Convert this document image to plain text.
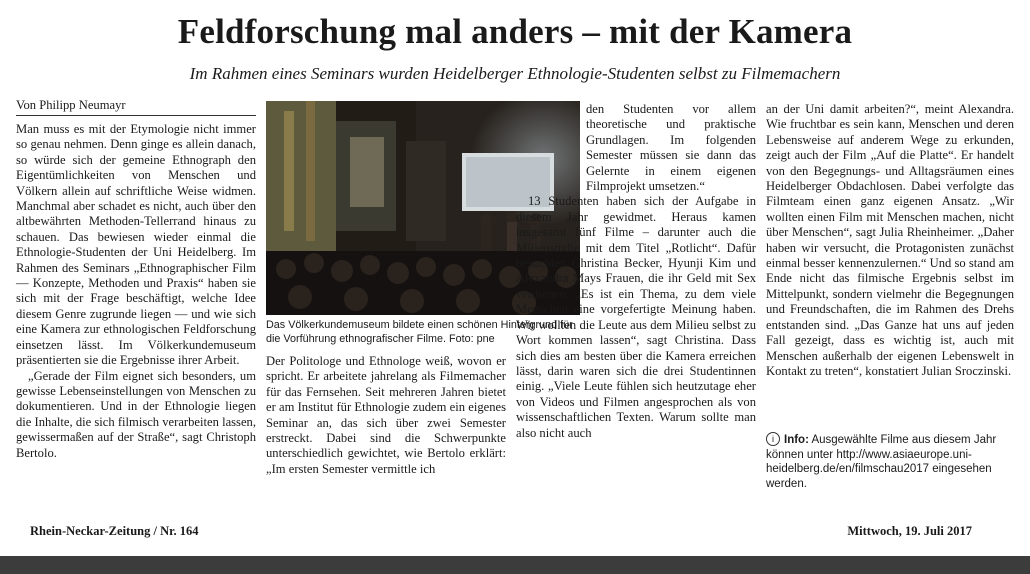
Feldforschung mal anders – mit der Kamera
Im Rahmen eines Seminars wurden Heidelberger Ethnologie-Studenten selbst zu Filmemachern
Von Philipp Neumayr

Man muss es mit der Etymologie nicht immer so genau nehmen. Denn ginge es allein danach, so würde sich der gemeine Ethnograph den Eigentümlichkeiten von Menschen und Völkern allein auf schriftliche Weise widmen. Manchmal aber schadet es nicht, auch über den altbewährten Methoden-Tellerrand hinaus zu schauen. Das bewiesen wieder einmal die Ethnologie-Studenten der Uni Heidelberg. Im Rahmen des Seminars „Ethnographischer Film — Konzepte, Methoden und Praxis“ haben sie sich mit der Frage beschäftigt, welche Idee diesem Genre zugrunde liegen — und wie sich eine Kamera zur ethnologischen Feldforschung einsetzen lässt. Im Völkerkundemuseum präsentierten sie die Ergebnisse ihrer Arbeit.

„Gerade der Film eignet sich besonders, um gewisse Lebenseinstellungen von Menschen zu dokumentieren. Und in der Ethnologie liegen die Inhalte, die sich filmisch verarbeiten lassen, gewissermaßen auf der Straße“, sagt Christoph Bertolo.

Das Völkerkundemuseum bildete einen schönen Hintergrund für die Vorführung ethnografischer Filme. Foto: pne

Der Politologe und Ethnologe weiß, wovon er spricht. Er arbeitete jahrelang als Filmemacher für das Fernsehen. Seit mehreren Jahren bietet er am Institut für Ethnologie zudem ein eigenes Seminar an, das sich über zwei Semester erstreckt. Dabei sind die Schwerpunkte unterschiedlich gewichtet, wie Bertolo erklärt: „Im ersten Semester vermittle ich

den Studenten vor allem theoretische und praktische Grundlagen. Im folgenden Semester müssen sie dann das Gelernte in einem eigenen Filmprojekt umsetzen.“

13 Studenten haben sich der Aufgabe in diesem Jahr gewidmet. Heraus kamen insgesamt fünf Filme – darunter auch die Milieustudie mit dem Titel „Rotlicht“. Dafür besuchten Christina Becker, Hyunji Kim und Alexandra Mays Frauen, die ihr Geld mit Sex verdienen. „Es ist ein Thema, zu dem viele Menschen eine vorgefertigte Meinung haben. Wir wollten die Leute aus dem Milieu selbst zu Wort kommen lassen“, sagt Christina. Dass sich dies am besten über die Kamera erreichen lässt, darin waren sich die drei Studentinnen einig. „Viele Leute fühlen sich heutzutage eher von Videos und Filmen angesprochen als von wissenschaftlichen Texten. Warum sollte man also nicht auch

an der Uni damit arbeiten?“, meint Alexandra. Wie fruchtbar es sein kann, Menschen und deren Lebensweise auf anderem Wege zu erkunden, zeigt auch der Film „Auf die Platte“. Er handelt von den Begegnungs- und Alltagsräumen eines Heidelberger Obdachlosen. Dabei verfolgte das Filmteam einen ganz eigenen Ansatz. „Wir wollten einen Film mit Menschen machen, nicht über Menschen“, sagt Julia Rheinheimer. „Daher haben wir versucht, die Protagonisten zunächst einmal besser kennenzulernen.“ Und so stand am Ende nicht das filmische Ergebnis selbst im Mittelpunkt, sondern vielmehr die Begegnungen und Freundschaften, die im Rahmen des Drehs entstanden sind. „Das Ganze hat uns auf jeden Fall gezeigt, dass es wichtig ist, auch mit Menschen außerhalb der eigenen Lebenswelt in Kontakt zu treten“, konstatiert Julian Sroczinski.

i Info: Ausgewählte Filme aus diesem Jahr können unter http://www.asiaeurope.uni-heidelberg.de/en/filmschau2017 eingesehen werden.
Rhein-Neckar-Zeitung / Nr. 164	Mittwoch, 19. Juli 2017
